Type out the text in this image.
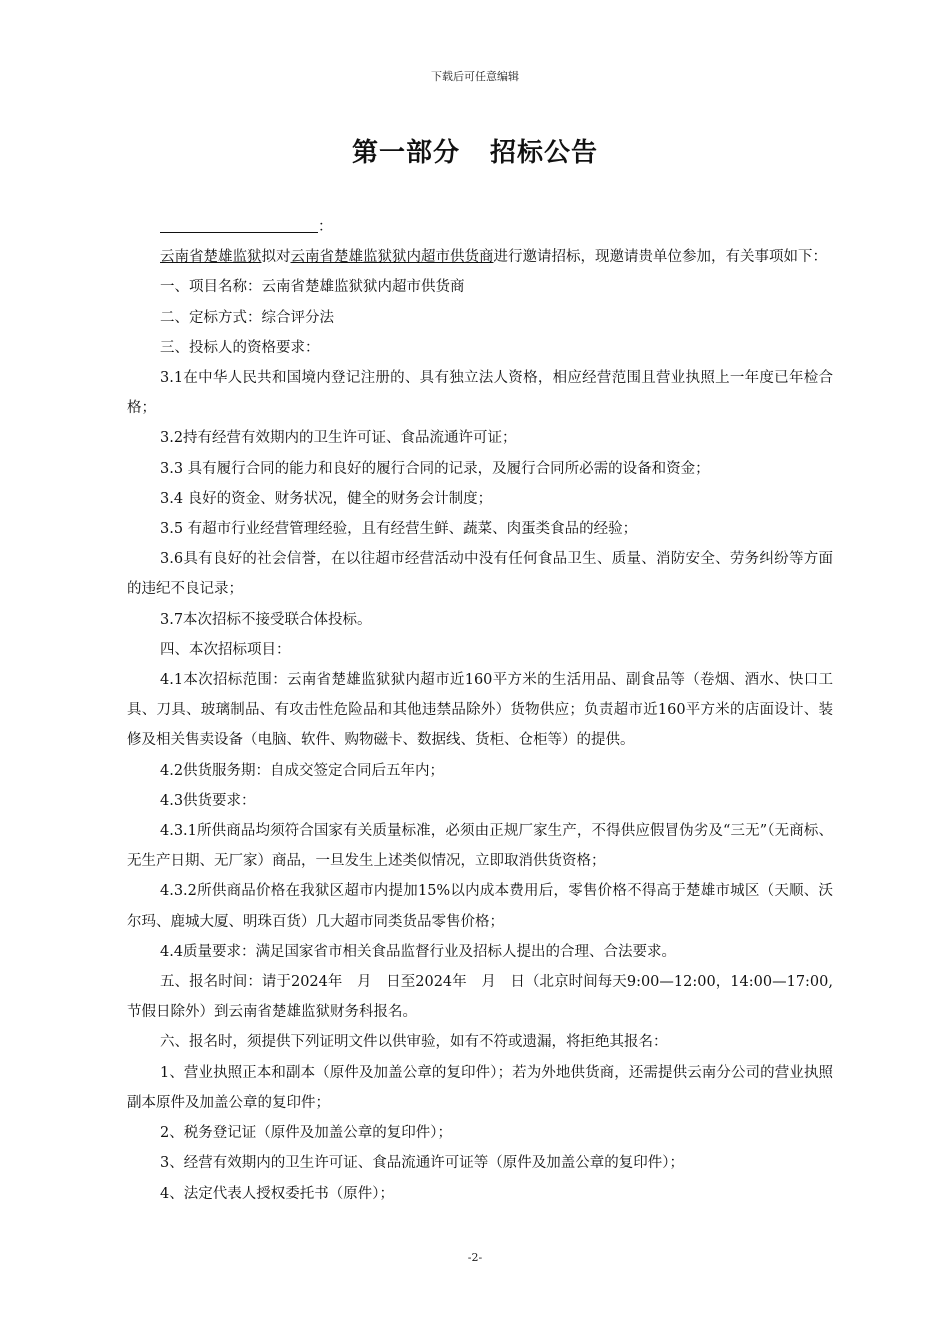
下载后可任意编辑
第一部分 招标公告

：

云南省楚雄监狱拟对云南省楚雄监狱狱内超市供货商进行邀请招标，现邀请贵单位参加，有关事项如下：

一、项目名称：云南省楚雄监狱狱内超市供货商

二、定标方式：综合评分法

三、投标人的资格要求：

3.1在中华人民共和国境内登记注册的、具有独立法人资格，相应经营范围且营业执照上一年度已年检合格；

3.2持有经营有效期内的卫生许可证、食品流通许可证；

3.3 具有履行合同的能力和良好的履行合同的记录，及履行合同所必需的设备和资金；

3.4 良好的资金、财务状况，健全的财务会计制度；

3.5 有超市行业经营管理经验，且有经营生鲜、蔬菜、肉蛋类食品的经验；

3.6具有良好的社会信誉，在以往超市经营活动中没有任何食品卫生、质量、消防安全、劳务纠纷等方面的违纪不良记录；

3.7本次招标不接受联合体投标。

四、本次招标项目：

4.1本次招标范围：云南省楚雄监狱狱内超市近160平方米的生活用品、副食品等（卷烟、酒水、快口工具、刀具、玻璃制品、有攻击性危险品和其他违禁品除外）货物供应；负责超市近160平方米的店面设计、装修及相关售卖设备（电脑、软件、购物磁卡、数据线、货柜、仓柜等）的提供。

4.2供货服务期：自成交签定合同后五年内；

4.3供货要求：

4.3.1所供商品均须符合国家有关质量标准，必须由正规厂家生产，不得供应假冒伪劣及“三无”（无商标、无生产日期、无厂家）商品，一旦发生上述类似情况，立即取消供货资格；

4.3.2所供商品价格在我狱区超市内提加15%以内成本费用后，零售价格不得高于楚雄市城区（天顺、沃尔玛、鹿城大厦、明珠百货）几大超市同类货品零售价格；

4.4质量要求：满足国家省市相关食品监督行业及招标人提出的合理、合法要求。

五、报名时间：请于2024年　月　日至2024年　月　日（北京时间每天9:00—12:00，14:00—17:00,节假日除外）到云南省楚雄监狱财务科报名。

六、报名时，须提供下列证明文件以供审验，如有不符或遗漏，将拒绝其报名：

1、营业执照正本和副本（原件及加盖公章的复印件）；若为外地供货商，还需提供云南分公司的营业执照副本原件及加盖公章的复印件；

2、税务登记证（原件及加盖公章的复印件）；

3、经营有效期内的卫生许可证、食品流通许可证等（原件及加盖公章的复印件）；

4、法定代表人授权委托书（原件）；

-2-
